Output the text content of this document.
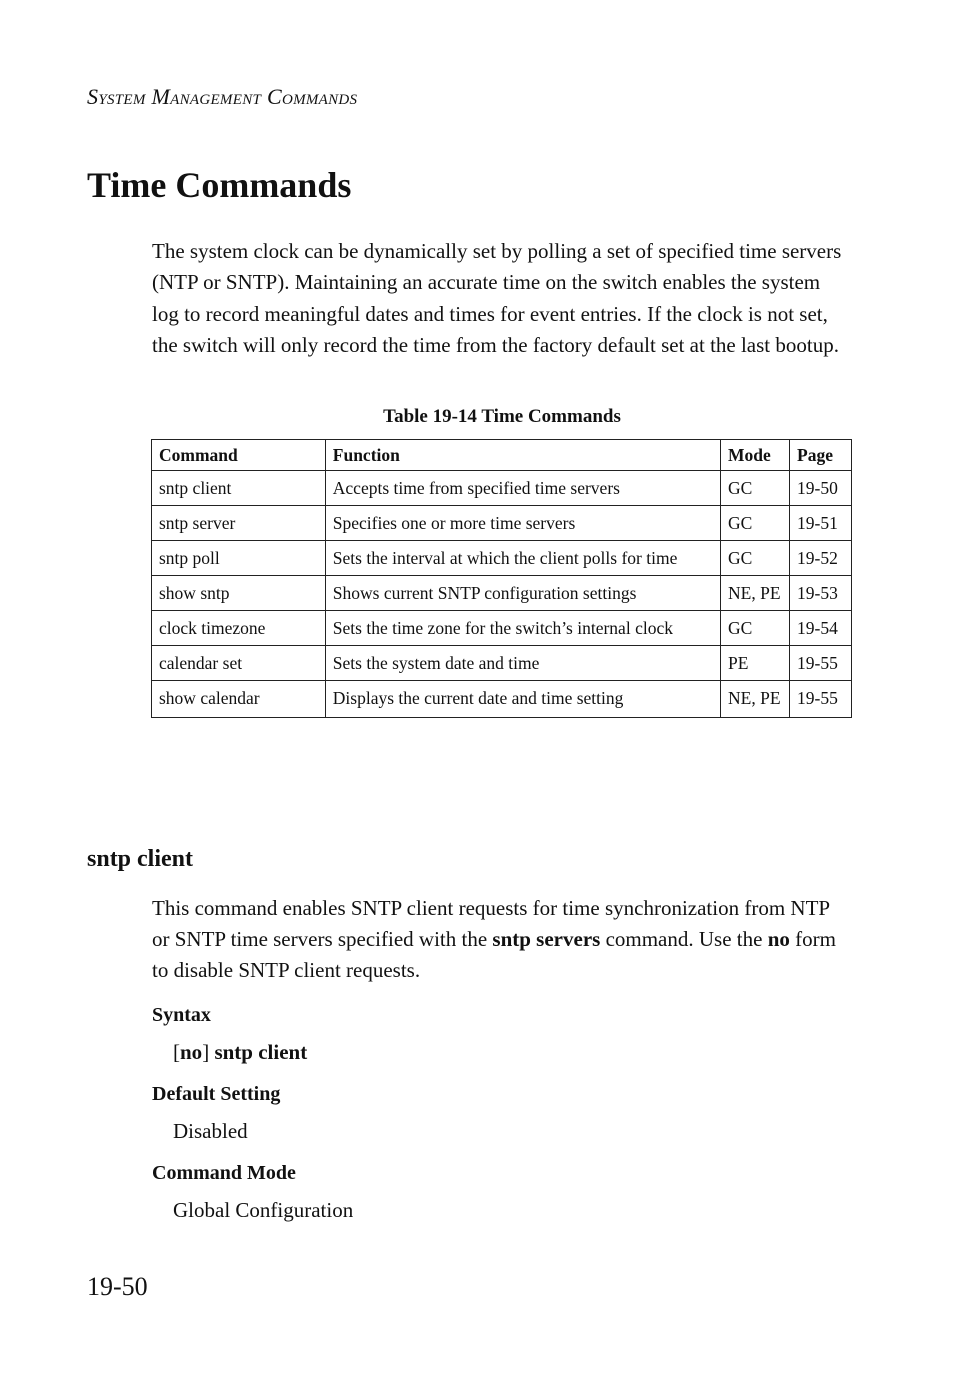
SYSTEM MANAGEMENT COMMANDS
Time Commands

The system clock can be dynamically set by polling a set of specified time servers (NTP or SNTP). Maintaining an accurate time on the switch enables the system log to record meaningful dates and times for event entries. If the clock is not set, the switch will only record the time from the factory default set at the last bootup.

Table 19-14 Time Commands
Command	Function	Mode	Page
sntp client	Accepts time from specified time servers	GC	19-50
sntp server	Specifies one or more time servers	GC	19-51
sntp poll	Sets the interval at which the client polls for time	GC	19-52
show sntp	Shows current SNTP configuration settings	NE, PE	19-53
clock timezone	Sets the time zone for the switch’s internal clock	GC	19-54
calendar set	Sets the system date and time	PE	19-55
show calendar	Displays the current date and time setting	NE, PE	19-55
sntp client

This command enables SNTP client requests for time synchronization from NTP or SNTP time servers specified with the sntp servers command. Use the no form to disable SNTP client requests.

Syntax

[no] sntp client

Default Setting

Disabled

Command Mode

Global Configuration

19-50
